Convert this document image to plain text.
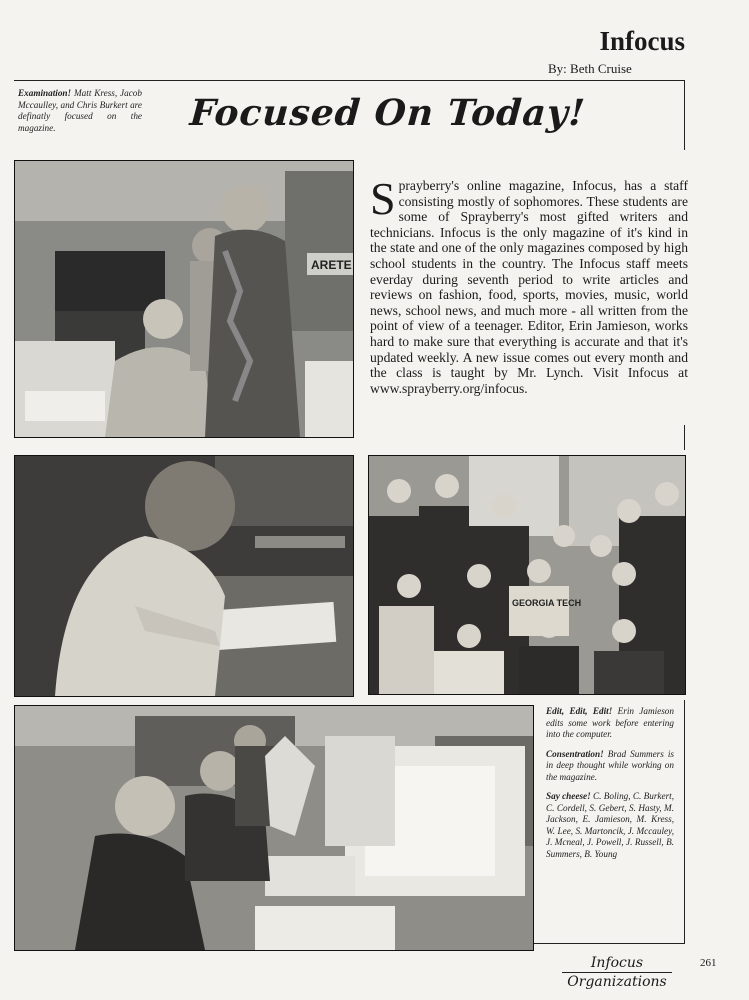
Infocus
By: Beth Cruise
Examination! Matt Kress, Jacob Mccaulley, and Chris Burkert are definatly focused on the magazine.	Focused On Today!
ARETE
S prayberry's online magazine, Infocus, has a staff consisting mostly of sophomores. These students are some of Sprayberry's most gifted writers and technicians. Infocus is the only magazine of it's kind in the state and one of the only magazines composed by high school students in the country. The Infocus staff meets everday during seventh period to write articles and reviews on fashion, food, sports, movies, music, world news, school news, and much more - all written from the point of view of a teenager. Editor, Erin Jamieson, works hard to make sure that everything is accurate and that it's updated weekly. A new issue comes out every month and the class is taught by Mr. Lynch. Visit Infocus at www.sprayberry.org/infocus.
GEORGIA TECH

Edit, Edit, Edit! Erin Jamieson edits some work before entering into the computer.

Consentration! Brad Summers is in deep thought while working on the magazine.

Say cheese! C. Boling, C. Burkert, C. Cordell, S. Gebert, S. Hasty, M. Jackson, E. Jamieson, M. Kress, W. Lee, S. Martoncik, J. Mccauley, J. Mcneal, J. Powell, J. Russell, B. Summers, B. Young

Infocus
Organizations
261
